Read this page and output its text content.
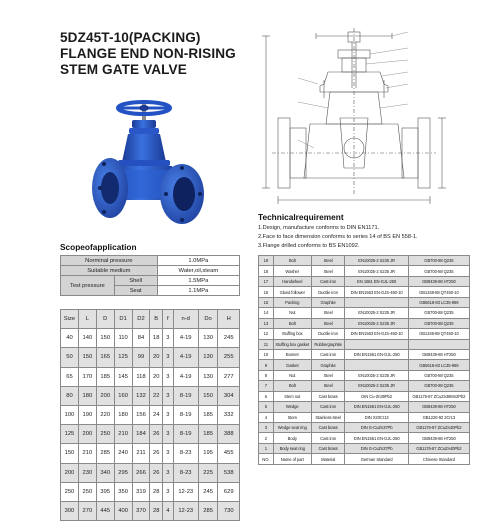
5DZ45T-10(PACKING)
FLANGE END NON-RISING
STEM GATE VALVE
Technicalrequirement
1.Design, manufacture conforms to DIN EN1171.
2.Face to face dimension conforms to series 14 of BS EN 558-1.
3.Flange drilled conforms to BS EN1092.
Scopeofapplication
Norminal pressure		1.0MPa
Suitable medium		Water,oil,steam
Test pressure	Shell	1.5MPa
	Seat	1.1MPa
Size	L	D	D1	D2	B	f	n-d	Do	H
40	140	150	110	84	18	3	4-19	130	245
50	150	165	125	99	20	3	4-19	130	255
65	170	185	145	118	20	3	4-19	130	277
80	180	200	160	132	22	3	8-19	150	304
100	190	220	180	156	24	3	8-19	185	332
125	200	250	210	184	26	3	8-19	185	388
150	210	285	240	211	26	3	8-23	195	455
200	230	340	295	266	26	3	8-23	225	538
250	250	395	350	319	28	3	12-23	245	629
300	270	445	400	370	28	4	12-23	285	730
19	Bolt	Steel	EN10025-2 S235 JR	GB700-88 Q235
18	Washer	Steel	EN10025-2 S235 JR	GB700-88 Q235
17	Handwheel	Cast iron	EN 1561 EN-GJL-250	GB9439-88 HT250
16	Gland follower	Ductile iron	DIN EN1563 EN-GJS-450-10	GB1348-88 QT450-10
15	Packing	Graphite		GB5618-83 LC35-989
14	Nut	Steel	EN10025-2 S235 JR	GB700-88 Q235
13	Bolt	Steel	EN10025-2 S235 JR	GB700-88 Q235
12	Stuffing box	Ductile iron	DIN EN1563 EN-GJS-450-10	GB1348-88 QT450-10
11	Stuffing box gasket	Rubbergraphite		
10	Bonnet	Cast iron	DIN EN1561 EN-GJL-250	GB9439-88 HT250
9	Gasket	Graphite		GB5618-83 LC35-989
8	Nut	Steel	EN10025-2 S235 JR	GB700-88 Q235
7	Bolt	Steel	EN10025-2 S235 JR	GB700-88 Q235
6	Stem nut	Cast brass	DIN Cu-Zn39Pb2	GB1176-87 ZCuZn38Mn2Pb2
5	Wedge	Cast iron	DIN EN1561 EN-GJL-250	GB9439-88 HT250
4	Stem	Stainless steel	DIN X20Cr13	GB1220-92 2Cr13
3	Wedge seat ring	Cast brass	DIN G-CuZn37Pb	GB1176-87 ZCuZn40Pb2
2	Body	Cast iron	DIN EN1561 EN-GJL-250	GB9439-88 HT250
1	Body seat ring	Cast brass	DIN G-CuZn37Pb	GB1176-87 ZCuZn40Pb2
NO.	Name of part	Material	German Standard	Chinese Standard
